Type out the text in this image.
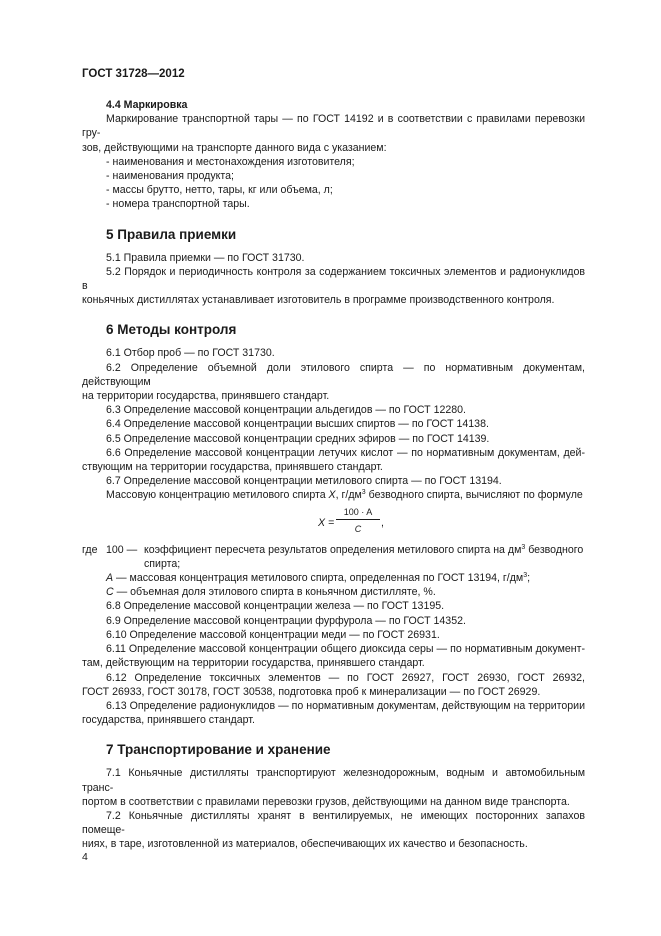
ГОСТ 31728—2012
4.4 Маркировка
Маркирование транспортной тары — по ГОСТ 14192 и в соответствии с правилами перевозки гру-
зов, действующими на транспорте данного вида с указанием:
- наименования и местонахождения изготовителя;
- наименования продукта;
- массы брутто, нетто, тары, кг или объема, л;
- номера транспортной тары.
5 Правила приемки
5.1 Правила приемки — по ГОСТ 31730.
5.2 Порядок и периодичность контроля за содержанием токсичных элементов и радионуклидов в
коньячных дистиллятах устанавливает изготовитель в программе производственного контроля.
6 Методы контроля
6.1 Отбор проб — по ГОСТ 31730.
6.2 Определение объемной доли этилового спирта — по нормативным документам, действующим
на территории государства, принявшего стандарт.
6.3 Определение массовой концентрации альдегидов — по ГОСТ 12280.
6.4 Определение массовой концентрации высших спиртов — по ГОСТ 14138.
6.5 Определение массовой концентрации средних эфиров — по ГОСТ 14139.
6.6 Определение массовой концентрации летучих кислот — по нормативным документам, дей-
ствующим на территории государства, принявшего стандарт.
6.7 Определение массовой концентрации метилового спирта — по ГОСТ 13194.
Массовую концентрацию метилового спирта X, $г/дм^3$ безводного спирта, вычисляют по формуле
$X = \frac{100 \cdot A}{C}$ ,
где 100 — коэффициент пересчета результатов определения метилового спирта на $дм^3$ безводного
спирта;
A — массовая концентрация метилового спирта, определенная по ГОСТ 13194, $г/дм^3$;
C — объемная доля этилового спирта в коньячном дистилляте, %.
6.8 Определение массовой концентрации железа — по ГОСТ 13195.
6.9 Определение массовой концентрации фурфурола — по ГОСТ 14352.
6.10 Определение массовой концентрации меди — по ГОСТ 26931.
6.11 Определение массовой концентрации общего диоксида серы — по нормативным документ-
там, действующим на территории государства, принявшего стандарт.
6.12 Определение токсичных элементов — по ГОСТ 26927, ГОСТ 26930, ГОСТ 26932,
ГОСТ 26933, ГОСТ 30178, ГОСТ 30538, подготовка проб к минерализации — по ГОСТ 26929.
6.13 Определение радионуклидов — по нормативным документам, действующим на территории
государства, принявшего стандарт.
7 Транспортирование и хранение
7.1 Коньячные дистилляты транспортируют железнодорожным, водным и автомобильным транс-
портом в соответствии с правилами перевозки грузов, действующими на данном виде транспорта.
7.2 Коньячные дистилляты хранят в вентилируемых, не имеющих посторонних запахов помеще-
ниях, в таре, изготовленной из материалов, обеспечивающих их качество и безопасность.
4
